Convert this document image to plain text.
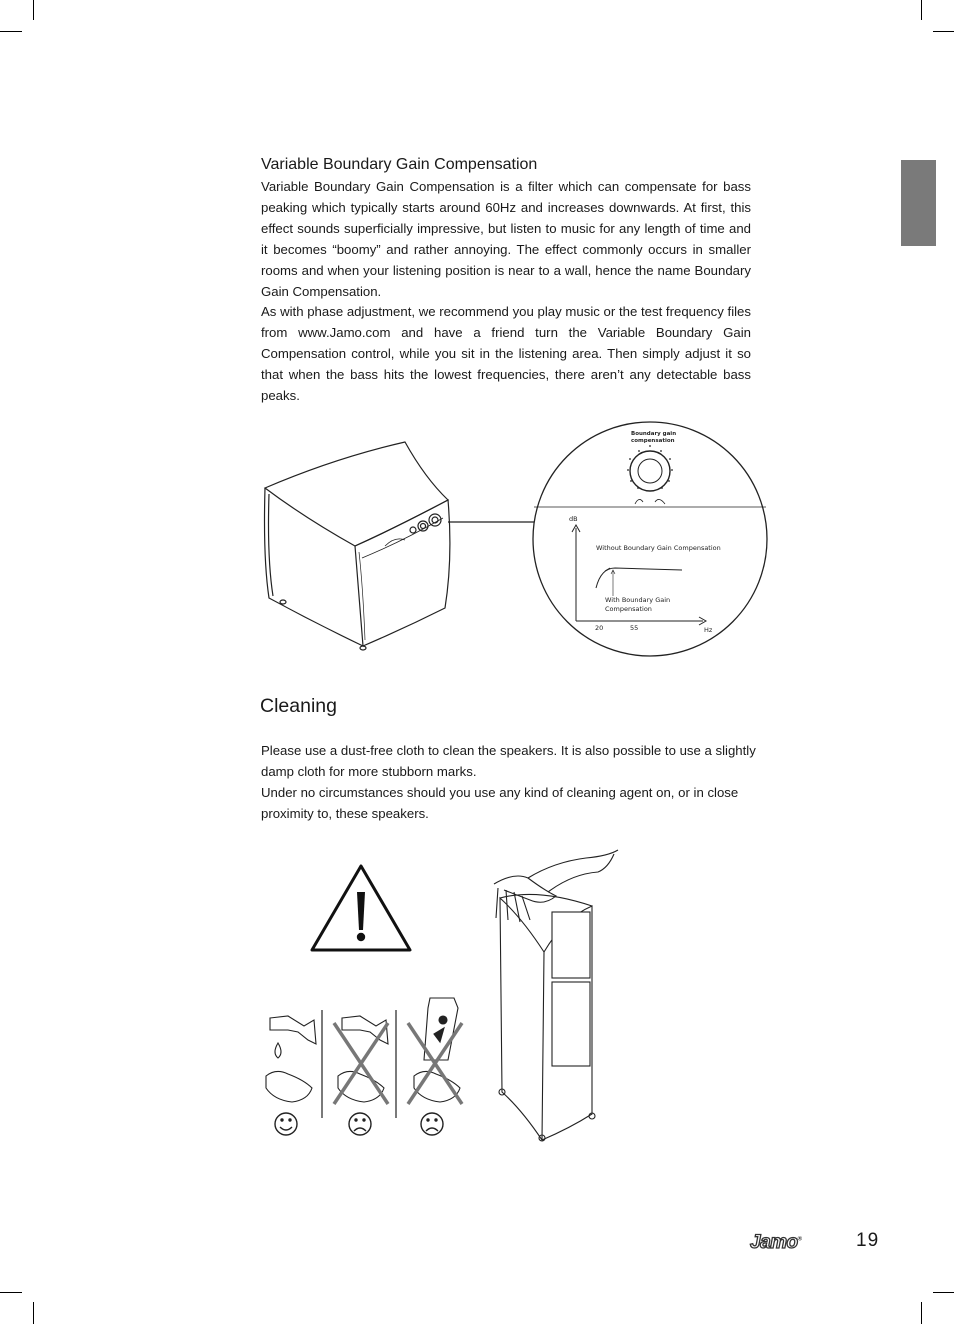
Variable Boundary Gain Compensation

Variable Boundary Gain Compensation is a filter which can compensate for bass peaking which typically starts around 60Hz and increases downwards. At first, this effect sounds superficially impressive, but listen to music for any length of time and it becomes “boomy” and rather annoying. The effect commonly occurs in smaller rooms and when your listening position is near to a wall, hence the name Boundary Gain Compensation.

As with phase adjustment, we recommend you play music or the test frequency files from www.Jamo.com and have a friend turn the Variable Boundary Gain Compensation control, while you sit in the listening area. Then simply adjust it so that when the bass hits the lowest frequencies, there aren’t any detectable bass peaks.

Boundary gain
compensation
dB
Hz
Without Boundary Gain Compensation
With Boundary Gain
Compensation
20	55
Cleaning

Please use a dust-free cloth to clean the speakers. It is also possible to use a slightly damp cloth for more stubborn marks.

Under no circumstances should you use any kind of cleaning agent on, or in close proximity to, these speakers.

Jamo®	19
